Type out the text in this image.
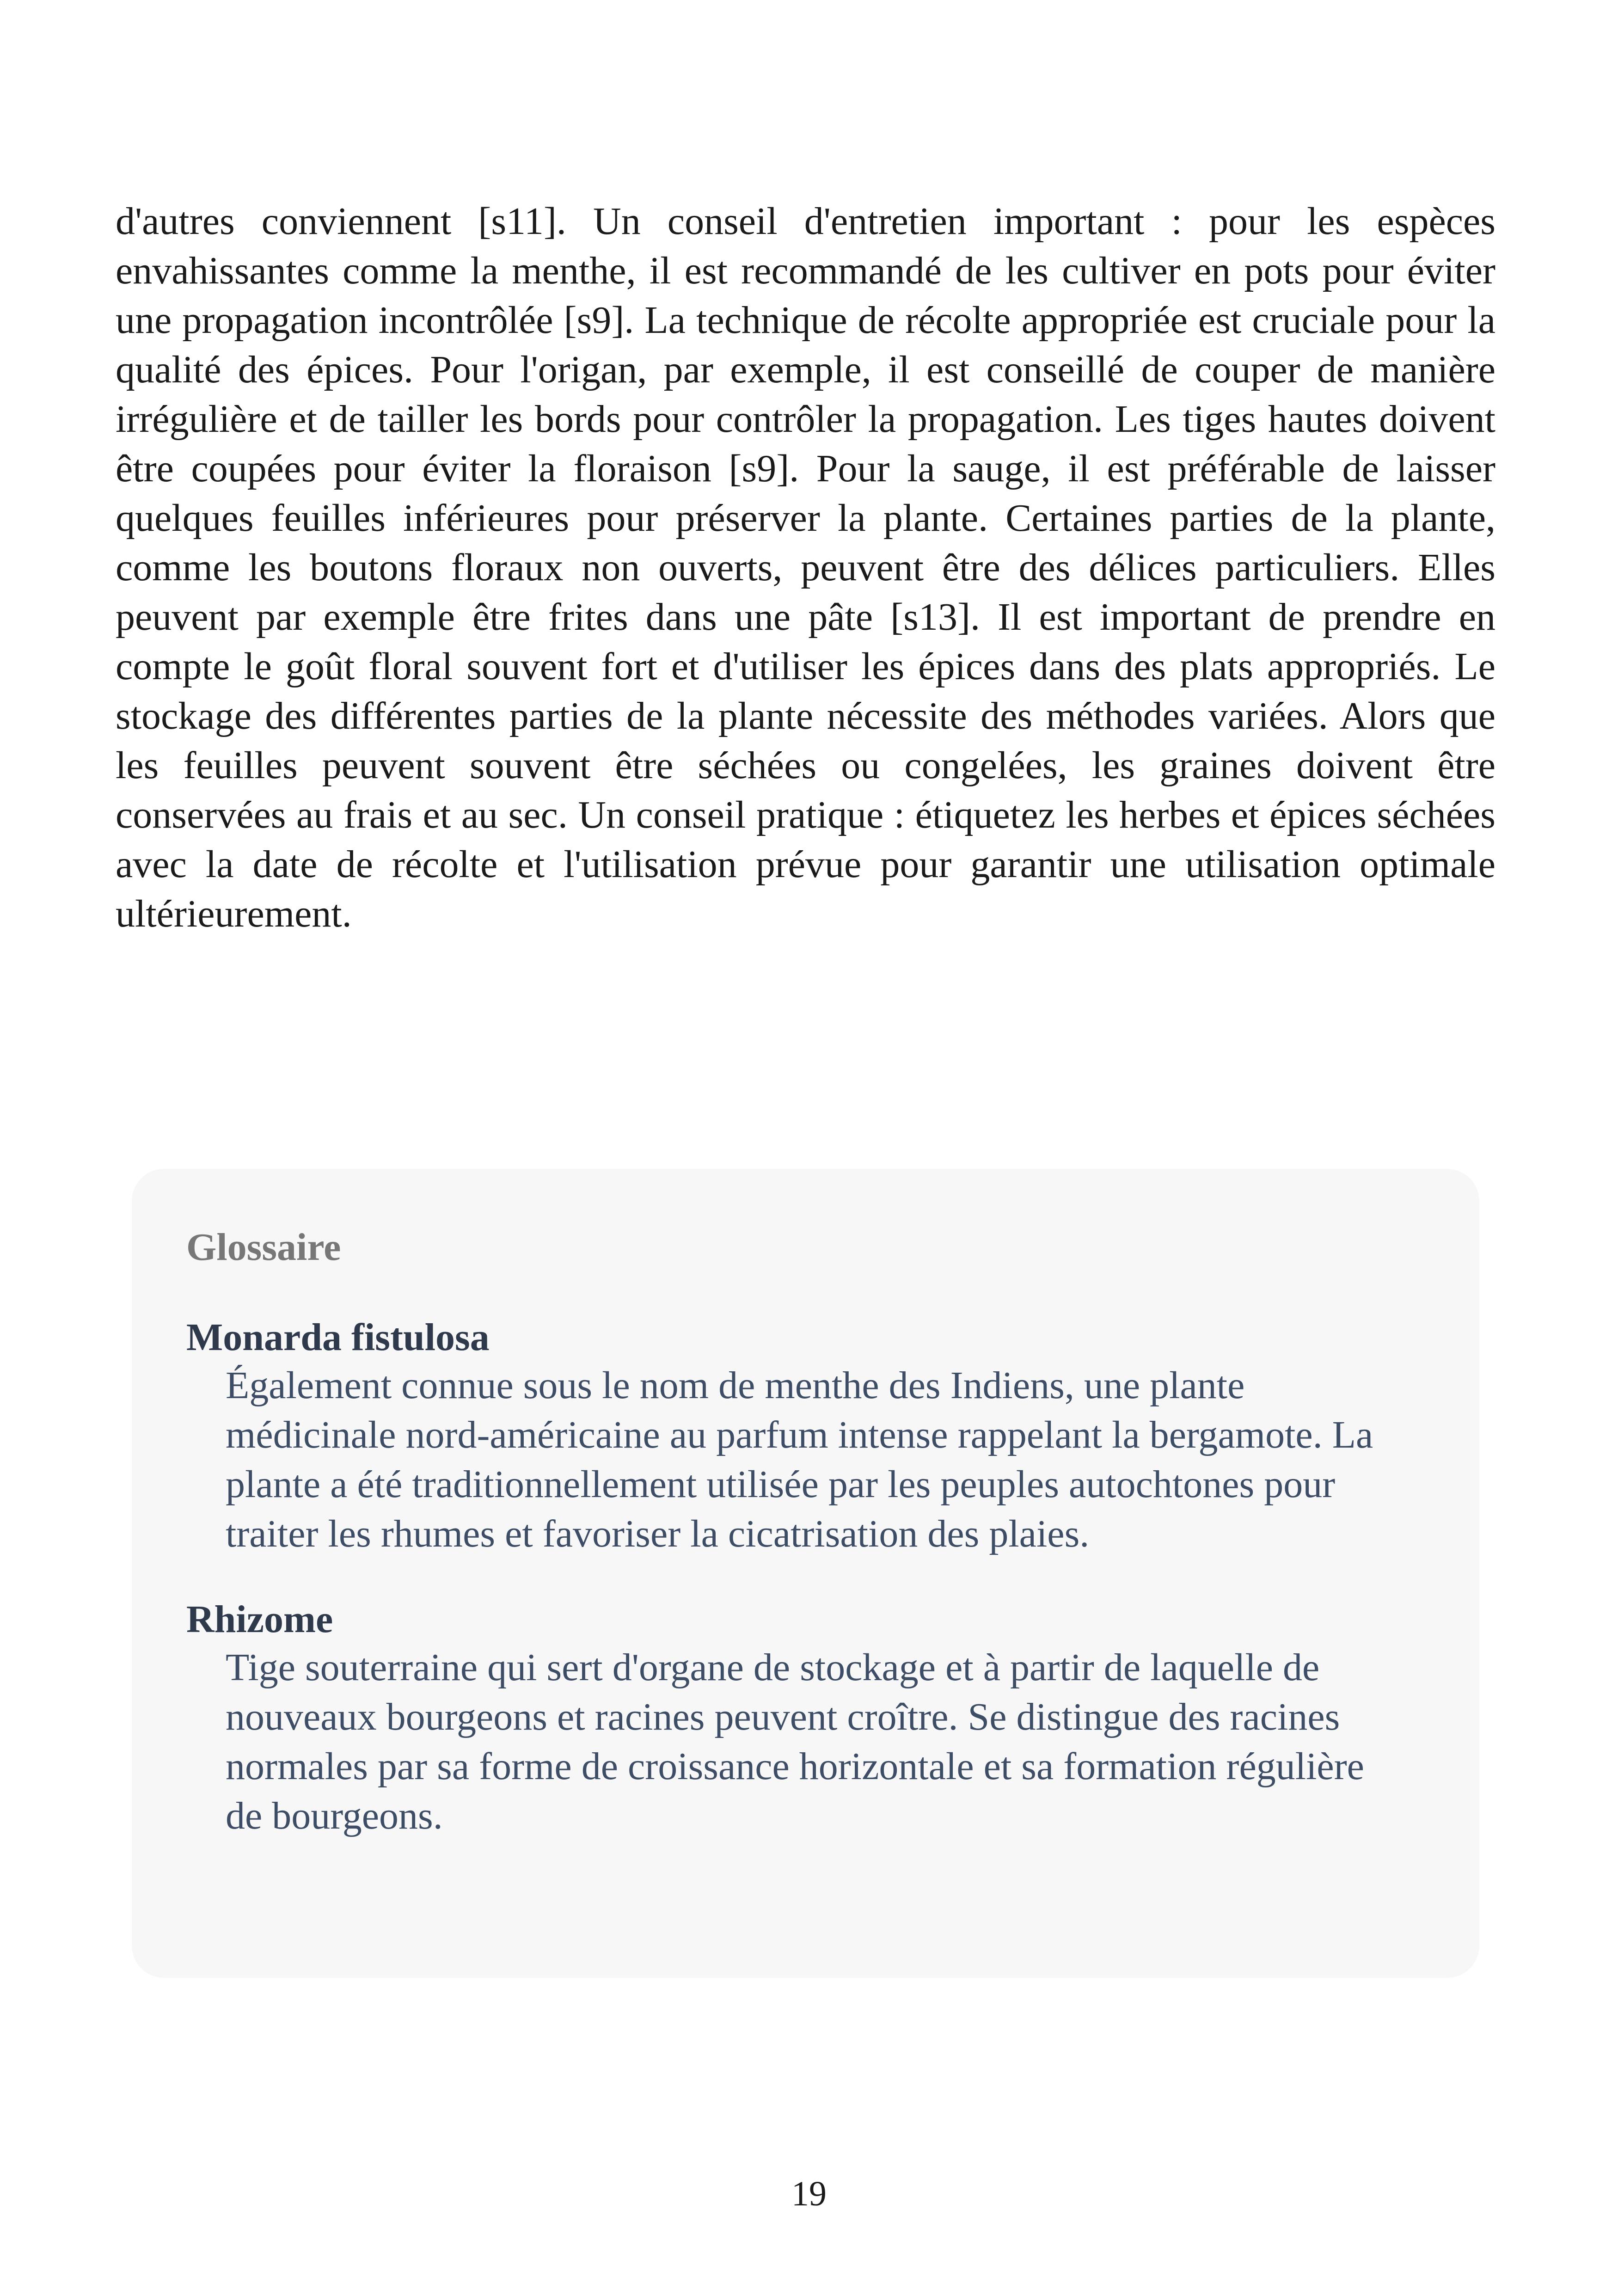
d'autres conviennent [s11]. Un conseil d'entretien important : pour les espèces envahissantes comme la menthe, il est recommandé de les cultiver en pots pour éviter une propagation incontrôlée [s9]. La technique de récolte appropriée est cruciale pour la qualité des épices. Pour l'origan, par exemple, il est conseillé de couper de manière irrégulière et de tailler les bords pour contrôler la propagation. Les tiges hautes doivent être coupées pour éviter la floraison [s9]. Pour la sauge, il est préférable de laisser quelques feuilles inférieures pour préserver la plante. Certaines parties de la plante, comme les boutons floraux non ouverts, peuvent être des délices particuliers. Elles peuvent par exemple être frites dans une pâte [s13]. Il est important de prendre en compte le goût floral souvent fort et d'utiliser les épices dans des plats appropriés. Le stockage des différentes parties de la plante nécessite des méthodes variées. Alors que les feuilles peuvent souvent être séchées ou congelées, les graines doivent être conservées au frais et au sec. Un conseil pratique : étiquetez les herbes et épices séchées avec la date de récolte et l'utilisation prévue pour garantir une utilisation optimale ultérieurement.

Glossaire
Monarda fistulosa
Également connue sous le nom de menthe des Indiens, une plante médicinale nord-américaine au parfum intense rappelant la bergamote. La plante a été traditionnellement utilisée par les peuples autochtones pour traiter les rhumes et favoriser la cicatrisation des plaies.
Rhizome
Tige souterraine qui sert d'organe de stockage et à partir de laquelle de nouveaux bourgeons et racines peuvent croître. Se distingue des racines normales par sa forme de croissance horizontale et sa formation régulière de bourgeons.
19
